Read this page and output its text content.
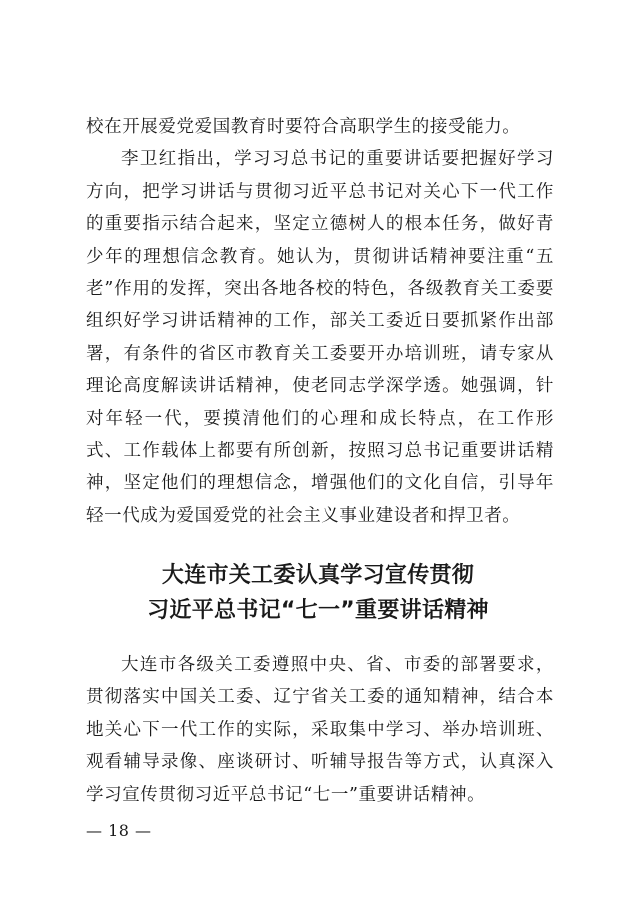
校在开展爱党爱国教育时要符合高职学生的接受能力。

李卫红指出，学习习总书记的重要讲话要把握好学习方向，把学习讲话与贯彻习近平总书记对关心下一代工作的重要指示结合起来，坚定立德树人的根本任务，做好青少年的理想信念教育。她认为，贯彻讲话精神要注重“五老”作用的发挥，突出各地各校的特色，各级教育关工委要组织好学习讲话精神的工作，部关工委近日要抓紧作出部署，有条件的省区市教育关工委要开办培训班，请专家从理论高度解读讲话精神，使老同志学深学透。她强调，针对年轻一代，要摸清他们的心理和成长特点，在工作形式、工作载体上都要有所创新，按照习总书记重要讲话精神，坚定他们的理想信念，增强他们的文化自信，引导年轻一代成为爱国爱党的社会主义事业建设者和捍卫者。

大连市关工委认真学习宣传贯彻
习近平总书记“七一”重要讲话精神

大连市各级关工委遵照中央、省、市委的部署要求，贯彻落实中国关工委、辽宁省关工委的通知精神，结合本地关心下一代工作的实际，采取集中学习、举办培训班、观看辅导录像、座谈研讨、听辅导报告等方式，认真深入学习宣传贯彻习近平总书记“七一”重要讲话精神。

— 18 —
